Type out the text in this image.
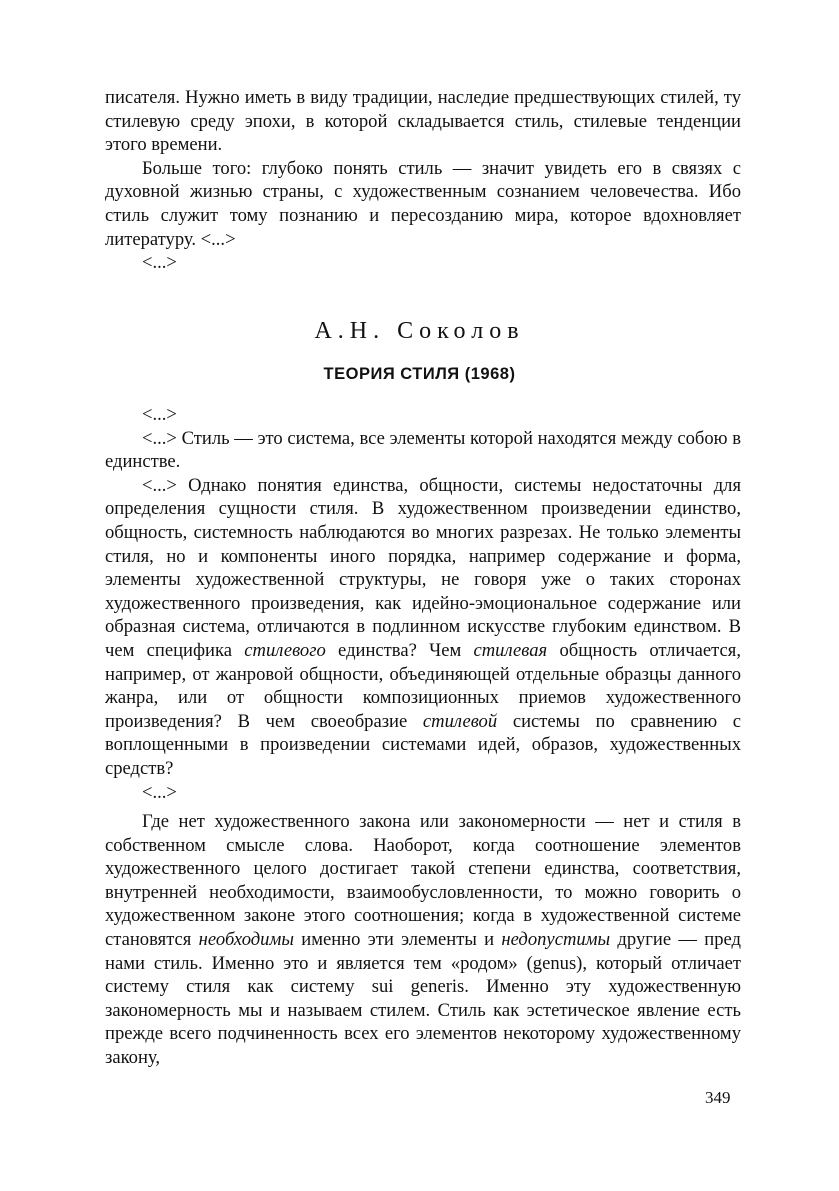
писателя. Нужно иметь в виду традиции, наследие предшествующих стилей, ту стилевую среду эпохи, в которой складывается стиль, стилевые тенденции этого времени.

Больше того: глубоко понять стиль — значит увидеть его в связях с духовной жизнью страны, с художественным сознанием человечества. Ибо стиль служит тому познанию и пересозданию мира, которое вдохновляет литературу. <...>

<...>

А.Н. Соколов
ТЕОРИЯ СТИЛЯ (1968)

<...>

<...> Стиль — это система, все элементы которой находятся между собою в единстве.

<...> Однако понятия единства, общности, системы недостаточны для определения сущности стиля. В художественном произведении единство, общность, системность наблюдаются во многих разрезах. Не только элементы стиля, но и компоненты иного порядка, например содержание и форма, элементы художественной структуры, не говоря уже о таких сторонах художественного произведения, как идейно-эмоциональное содержание или образная система, отличаются в подлинном искусстве глубоким единством. В чем специфика стилевого единства? Чем стилевая общность отличается, например, от жанровой общности, объединяющей отдельные образцы данного жанра, или от общности композиционных приемов художественного произведения? В чем своеобразие стилевой системы по сравнению с воплощенными в произведении системами идей, образов, художественных средств?

<...>

Где нет художественного закона или закономерности — нет и стиля в собственном смысле слова. Наоборот, когда соотношение элементов художественного целого достигает такой степени единства, соответствия, внутренней необходимости, взаимообусловленности, то можно говорить о художественном законе этого соотношения; когда в художественной системе становятся необходимы именно эти элементы и недопустимы другие — пред нами стиль. Именно это и является тем «родом» (genus), который отличает систему стиля как систему sui generis. Именно эту художественную закономерность мы и называем стилем. Стиль как эстетическое явление есть прежде всего подчиненность всех его элементов некоторому художественному закону,

349
